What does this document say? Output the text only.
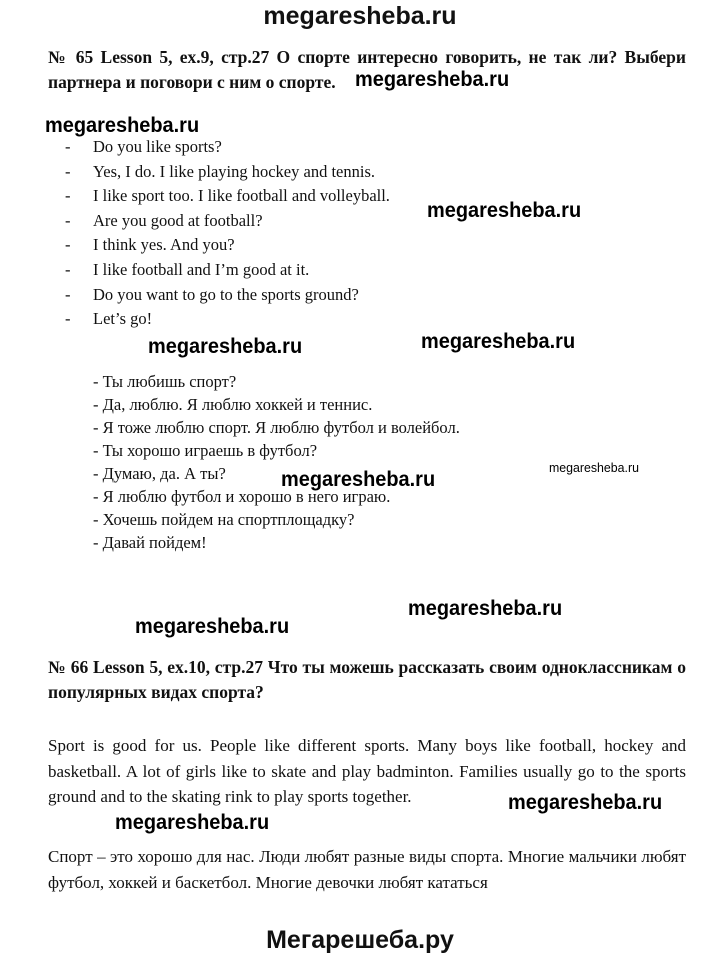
megaresheba.ru
№ 65 Lesson 5, ex.9, стр.27 О спорте интересно говорить, не так ли? Выбери партнера и поговори с ним о спорте.
- Do you like sports?
- Yes, I do. I like playing hockey and tennis.
- I like sport too. I like football and volleyball.
- Are you good at football?
- I think yes. And you?
- I like football and I’m good at it.
- Do you want to go to the sports ground?
- Let’s go!
- Ты любишь спорт?
- Да, люблю. Я люблю хоккей и теннис.
- Я тоже люблю спорт. Я люблю футбол и волейбол.
- Ты хорошо играешь в футбол?
- Думаю, да. А ты?
- Я люблю футбол и хорошо в него играю.
- Хочешь пойдем на спортплощадку?
- Давай пойдем!
№ 66 Lesson 5, ex.10, стр.27 Что ты можешь рассказать своим одноклассникам о популярных видах спорта?

Sport is good for us. People like different sports. Many boys like football, hockey and basketball. A lot of girls like to skate and play badminton. Families usually go to the sports ground and to the skating rink to play sports together.

Спорт – это хорошо для нас. Люди любят разные виды спорта. Многие мальчики любят футбол, хоккей и баскетбол. Многие девочки любят кататься

megaresheba.ru
megaresheba.ru
megaresheba.ru
megaresheba.ru	megaresheba.ru
megaresheba.ru
megaresheba.ru
megaresheba.ru
megaresheba.ru
megaresheba.ru
megaresheba.ru
Мегарешеба.ру
